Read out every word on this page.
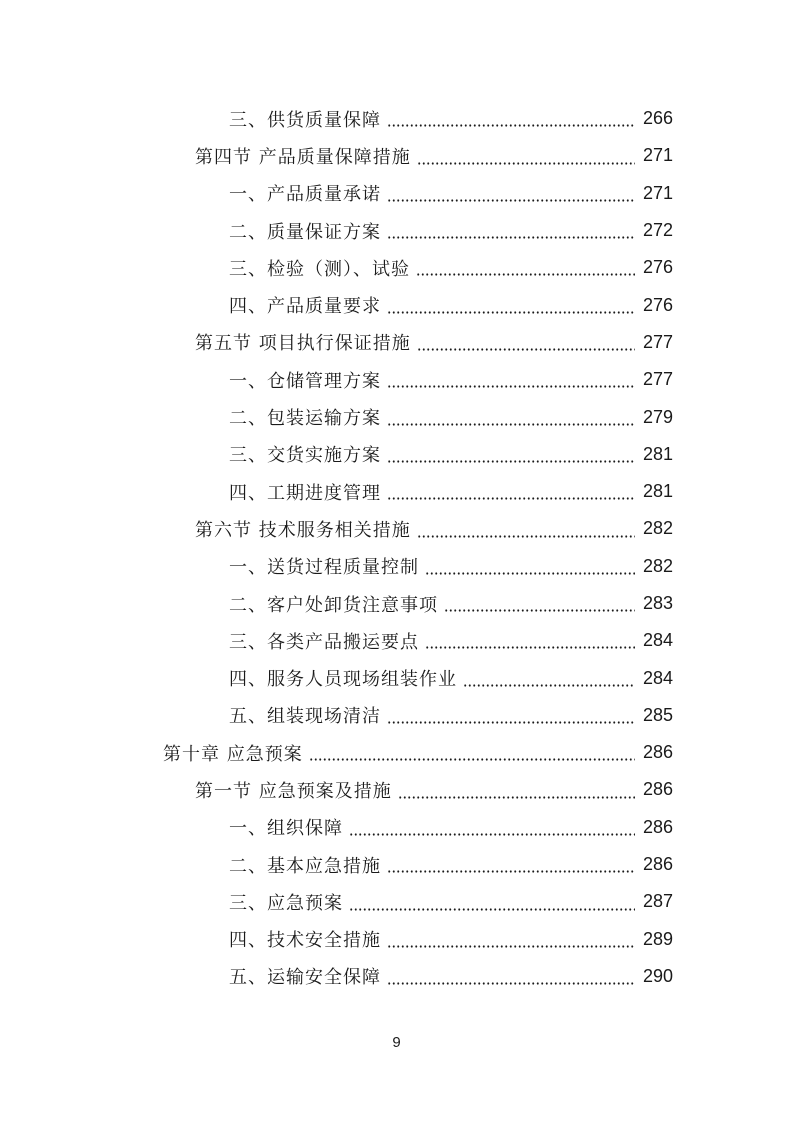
三、供货质量保障	266
第四节 产品质量保障措施	271
一、产品质量承诺	271
二、质量保证方案	272
三、检验（测）、试验	276
四、产品质量要求	276
第五节 项目执行保证措施	277
一、仓储管理方案	277
二、包装运输方案	279
三、交货实施方案	281
四、工期进度管理	281
第六节 技术服务相关措施	282
一、送货过程质量控制	282
二、客户处卸货注意事项	283
三、各类产品搬运要点	284
四、服务人员现场组装作业	284
五、组装现场清洁	285
第十章 应急预案	286
第一节 应急预案及措施	286
一、组织保障	286
二、基本应急措施	286
三、应急预案	287
四、技术安全措施	289
五、运输安全保障	290
9
